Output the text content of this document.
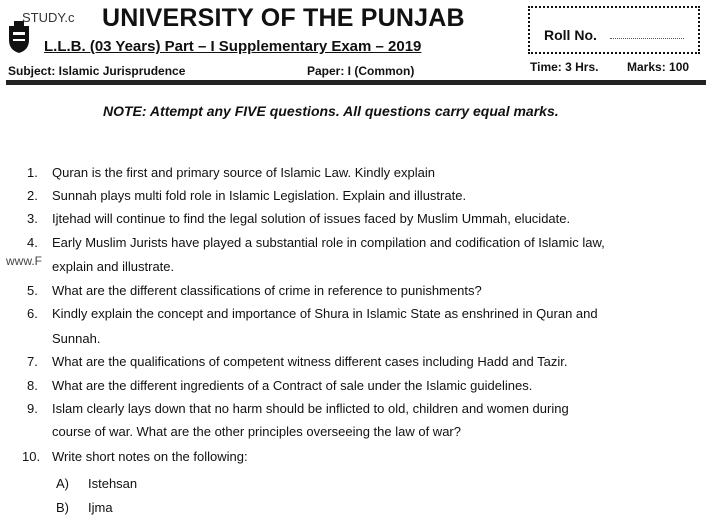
STUDY.c UNIVERSITY OF THE PUNJAB
L.L.B. (03 Years) Part – I Supplementary Exam – 2019
Roll No.
Subject: Islamic Jurisprudence	Paper: I (Common)	Time: 3 Hrs. Marks: 100
NOTE: Attempt any FIVE questions. All questions carry equal marks.
www.F
1. Quran is the first and primary source of Islamic Law. Kindly explain
2. Sunnah plays multi fold role in Islamic Legislation. Explain and illustrate.
3. Ijtehad will continue to find the legal solution of issues faced by Muslim Ummah, elucidate.
4. Early Muslim Jurists have played a substantial role in compilation and codification of Islamic law,
explain and illustrate.
5. What are the different classifications of crime in reference to punishments?
6. Kindly explain the concept and importance of Shura in Islamic State as enshrined in Quran and
Sunnah.
7. What are the qualifications of competent witness different cases including Hadd and Tazir.
8. What are the different ingredients of a Contract of sale under the Islamic guidelines.
9. Islam clearly lays down that no harm should be inflicted to old, children and women during
course of war. What are the other principles overseeing the law of war?
10. Write short notes on the following:
A) Istehsan
B) Ijma
